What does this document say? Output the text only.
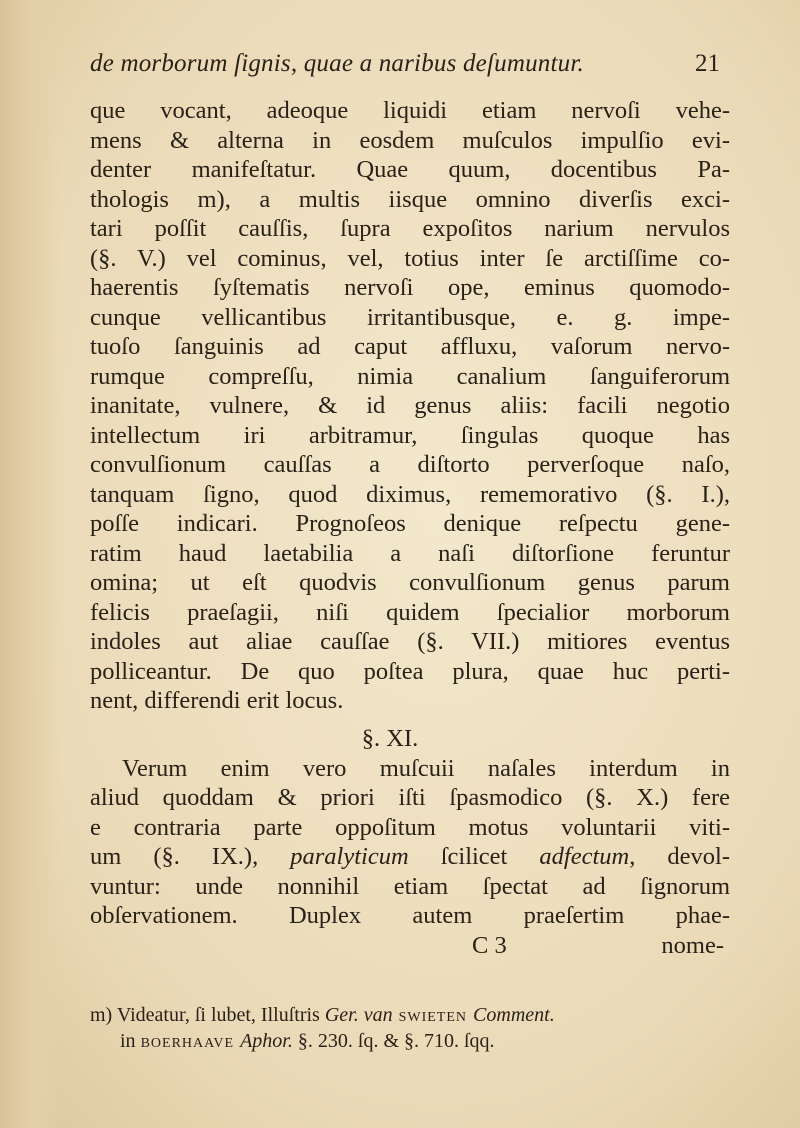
de morborum ſignis, quae a naribus deſumuntur.	21
que vocant, adeoque liquidi etiam nervoſi vehe-
mens & alterna in eosdem muſculos impulſio evi-
denter manifeſtatur. Quae quum, docentibus Pa-
thologis m), a multis iisque omnino diverſis exci-
tari poſſit cauſſis, ſupra expoſitos narium nervulos
(§. V.) vel cominus, vel, totius inter ſe arctiſſime co-
haerentis ſyſtematis nervoſi ope, eminus quomodo-
cunque vellicantibus irritantibusque, e. g. impe-
tuoſo ſanguinis ad caput affluxu, vaſorum nervo-
rumque compreſſu, nimia canalium ſanguiferorum
inanitate, vulnere, & id genus aliis: facili negotio
intellectum iri arbitramur, ſingulas quoque has
convulſionum cauſſas a diſtorto perverſoque naſo,
tanquam ſigno, quod diximus, rememorativo (§. I.),
poſſe indicari. Prognoſeos denique reſpectu gene-
ratim haud laetabilia a naſi diſtorſione feruntur
omina; ut eſt quodvis convulſionum genus parum
felicis praeſagii, niſi quidem ſpecialior morborum
indoles aut aliae cauſſae (§. VII.) mitiores eventus
polliceantur. De quo poſtea plura, quae huc perti-
nent, differendi erit locus.
§. XI.
Verum enim vero muſcuii naſales interdum in
aliud quoddam & priori iſti ſpasmodico (§. X.) fere
e contraria parte oppoſitum motus voluntarii viti-
um (§. IX.), paralyticum ſcilicet adfectum, devol-
vuntur: unde nonnihil etiam ſpectat ad ſignorum
obſervationem. Duplex autem praeſertim phae-
C 3	nome-
m) Videatur, ſi lubet, Illuſtris Ger. van swieten Comment.
in boerhaave Aphor. §. 230. ſq. & §. 710. ſqq.
